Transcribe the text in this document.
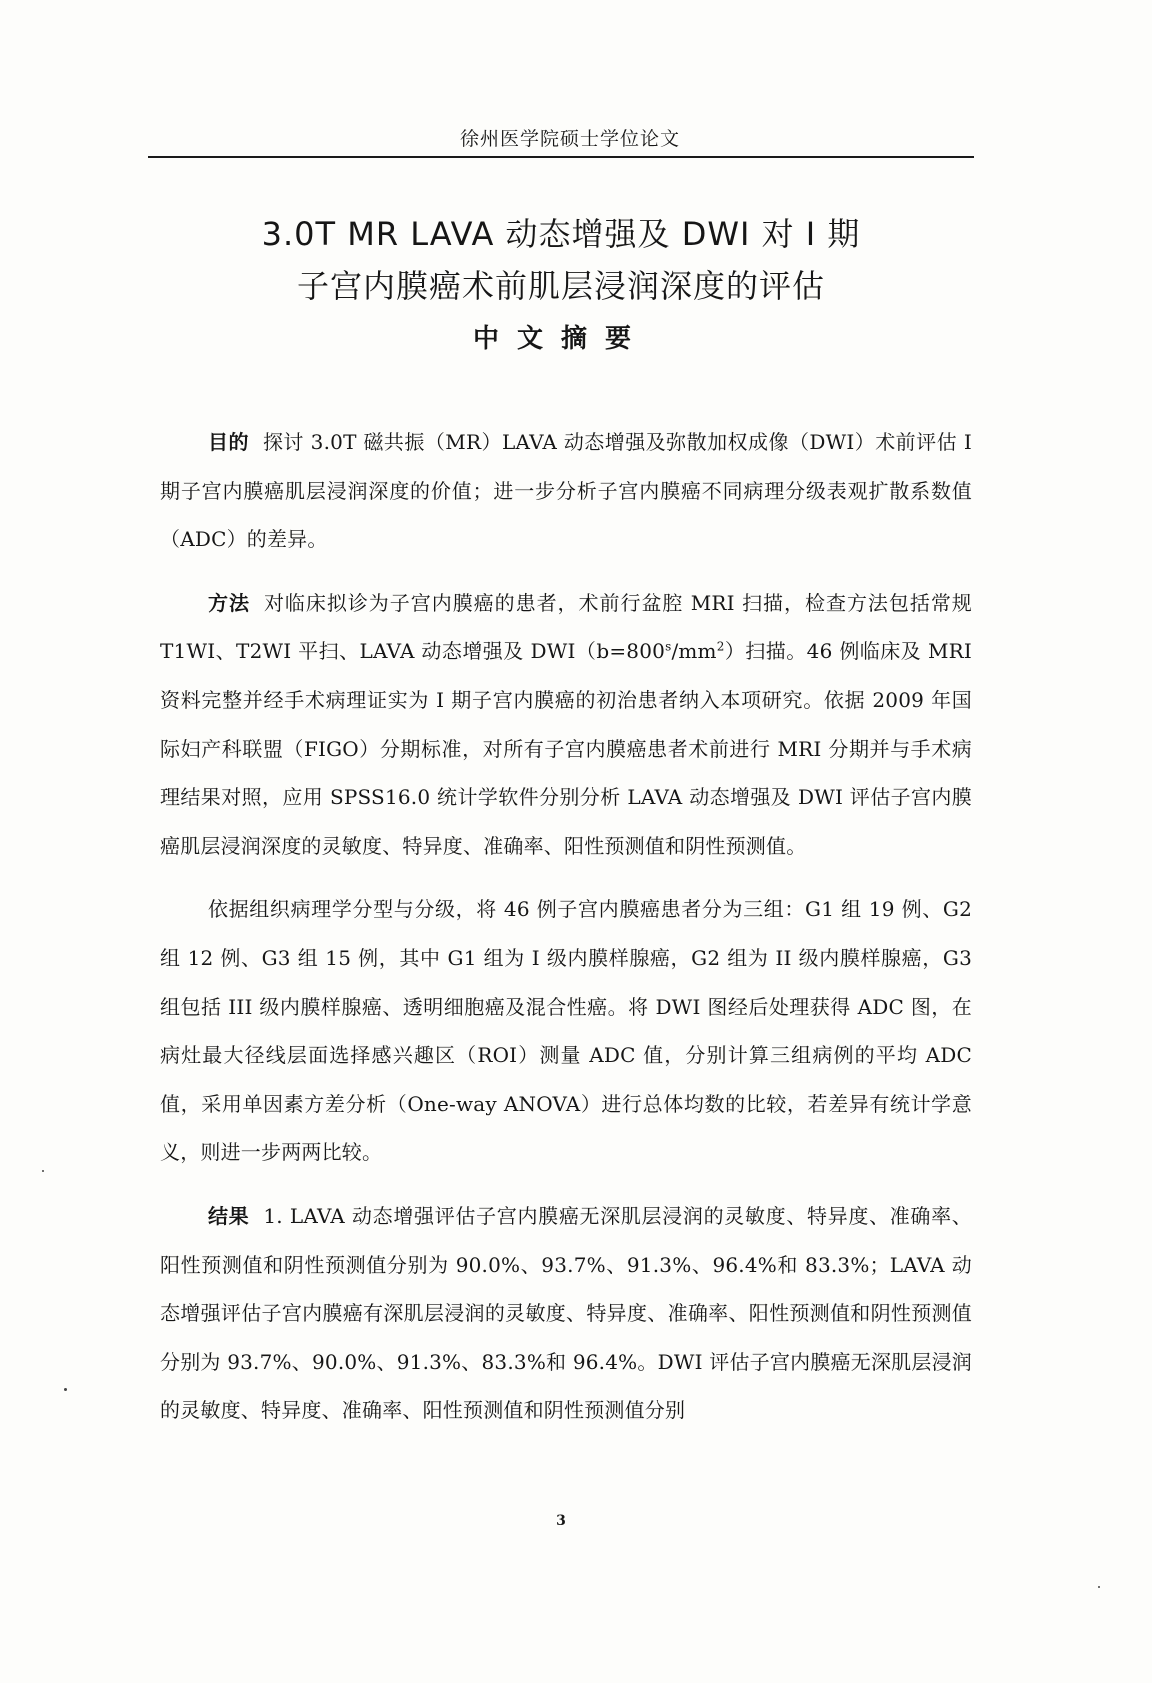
徐州医学院硕士学位论文
3.0T MR LAVA 动态增强及 DWI 对 I 期
子宫内膜癌术前肌层浸润深度的评估
中文摘要

目的 探讨 3.0T 磁共振（MR）LAVA 动态增强及弥散加权成像（DWI）术前评估 I 期子宫内膜癌肌层浸润深度的价值；进一步分析子宫内膜癌不同病理分级表观扩散系数值（ADC）的差异。

方法 对临床拟诊为子宫内膜癌的患者，术前行盆腔 MRI 扫描，检查方法包括常规 T1WI、T2WI 平扫、LAVA 动态增强及 $DWI(b=800^s/mm^2)$扫描。46 例临床及 MRI 资料完整并经手术病理证实为 I 期子宫内膜癌的初治患者纳入本项研究。依据 2009 年国际妇产科联盟（FIGO）分期标准，对所有子宫内膜癌患者术前进行 MRI 分期并与手术病理结果对照，应用 SPSS16.0 统计学软件分别分析 LAVA 动态增强及 DWI 评估子宫内膜癌肌层浸润深度的灵敏度、特异度、准确率、阳性预测值和阴性预测值。

依据组织病理学分型与分级，将 46 例子宫内膜癌患者分为三组：G1 组 19 例、G2 组 12 例、G3 组 15 例，其中 G1 组为 I 级内膜样腺癌，G2 组为 II 级内膜样腺癌，G3 组包括 III 级内膜样腺癌、透明细胞癌及混合性癌。将 DWI 图经后处理获得 ADC 图，在病灶最大径线层面选择感兴趣区（ROI）测量 ADC 值，分别计算三组病例的平均 ADC 值，采用单因素方差分析（One-way ANOVA）进行总体均数的比较，若差异有统计学意义，则进一步两两比较。

结果 1. LAVA 动态增强评估子宫内膜癌无深肌层浸润的灵敏度、特异度、准确率、阳性预测值和阴性预测值分别为 90.0%、93.7%、91.3%、96.4%和 83.3%；LAVA 动态增强评估子宫内膜癌有深肌层浸润的灵敏度、特异度、准确率、阳性预测值和阴性预测值分别为 93.7%、90.0%、91.3%、83.3%和 96.4%。DWI 评估子宫内膜癌无深肌层浸润的灵敏度、特异度、准确率、阳性预测值和阴性预测值分别

3
